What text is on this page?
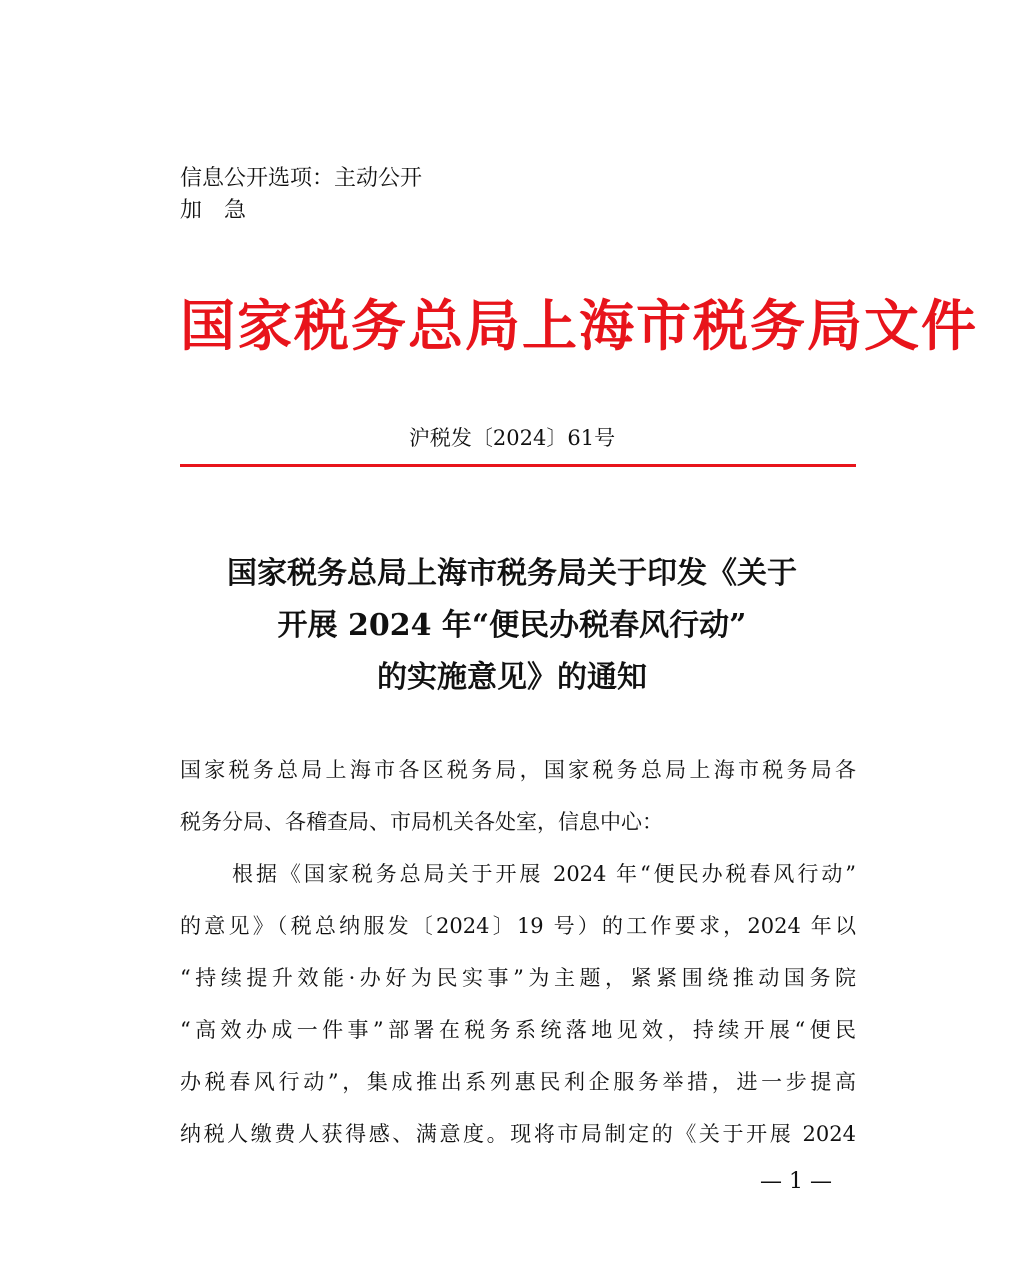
信息公开选项：主动公开
加急
国家税务总局上海市税务局文件
沪税发〔2024〕61号
国家税务总局上海市税务局关于印发《关于
开展 2024 年“便民办税春风行动”
的实施意见》的通知
国家税务总局上海市各区税务局，国家税务总局上海市税务局各
税务分局、各稽查局、市局机关各处室，信息中心：
根据《国家税务总局关于开展 2024 年“便民办税春风行动”
的意见》（税总纳服发〔2024〕19 号）的工作要求，2024 年以
“持续提升效能·办好为民实事”为主题，紧紧围绕推动国务院
“高效办成一件事”部署在税务系统落地见效，持续开展“便民
办税春风行动”，集成推出系列惠民利企服务举措，进一步提高
纳税人缴费人获得感、满意度。现将市局制定的《关于开展 2024
— 1 —
